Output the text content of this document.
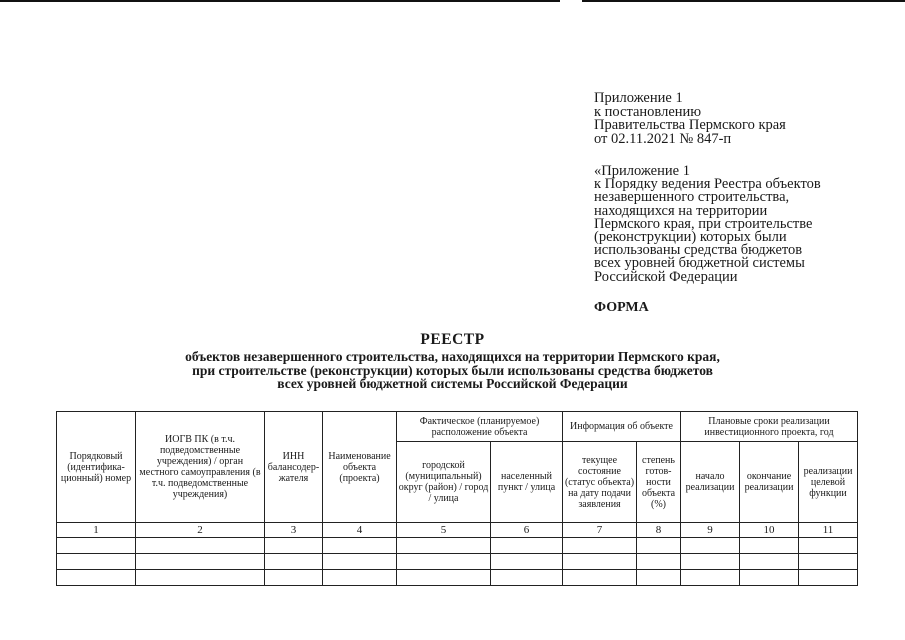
Приложение 1
к постановлению
Правительства Пермского края
от 02.11.2021 № 847-п
«Приложение 1
к Порядку ведения Реестра объектов
незавершенного строительства,
находящихся на территории
Пермского края, при строительстве
(реконструкции) которых были
использованы средства бюджетов
всех уровней бюджетной системы
Российской Федерации
ФОРМА
РЕЕСТР
объектов незавершенного строительства, находящихся на территории Пермского края,
при строительстве (реконструкции) которых были использованы средства бюджетов
всех уровней бюджетной системы Российской Федерации
Порядковый (идентифика-ционный) номер	ИОГВ ПК (в т.ч. подведомственные учреждения) / орган местного самоуправления (в т.ч. подведомственные учреждения)	ИНН балансодер-жателя	Наименование объекта (проекта)	Фактическое (планируемое) расположение объекта		Информация об объекте		Плановые сроки реализации инвестиционного проекта, год		
				городской (муниципальный) округ (район) / город / улица	населенный пункт / улица	текущее состояние (статус объекта) на дату подачи заявления	степень готов-ности объекта (%)	начало реализации	окончание реализации	реализации целевой функции
1	2	3	4	5	6	7	8	9	10	11
